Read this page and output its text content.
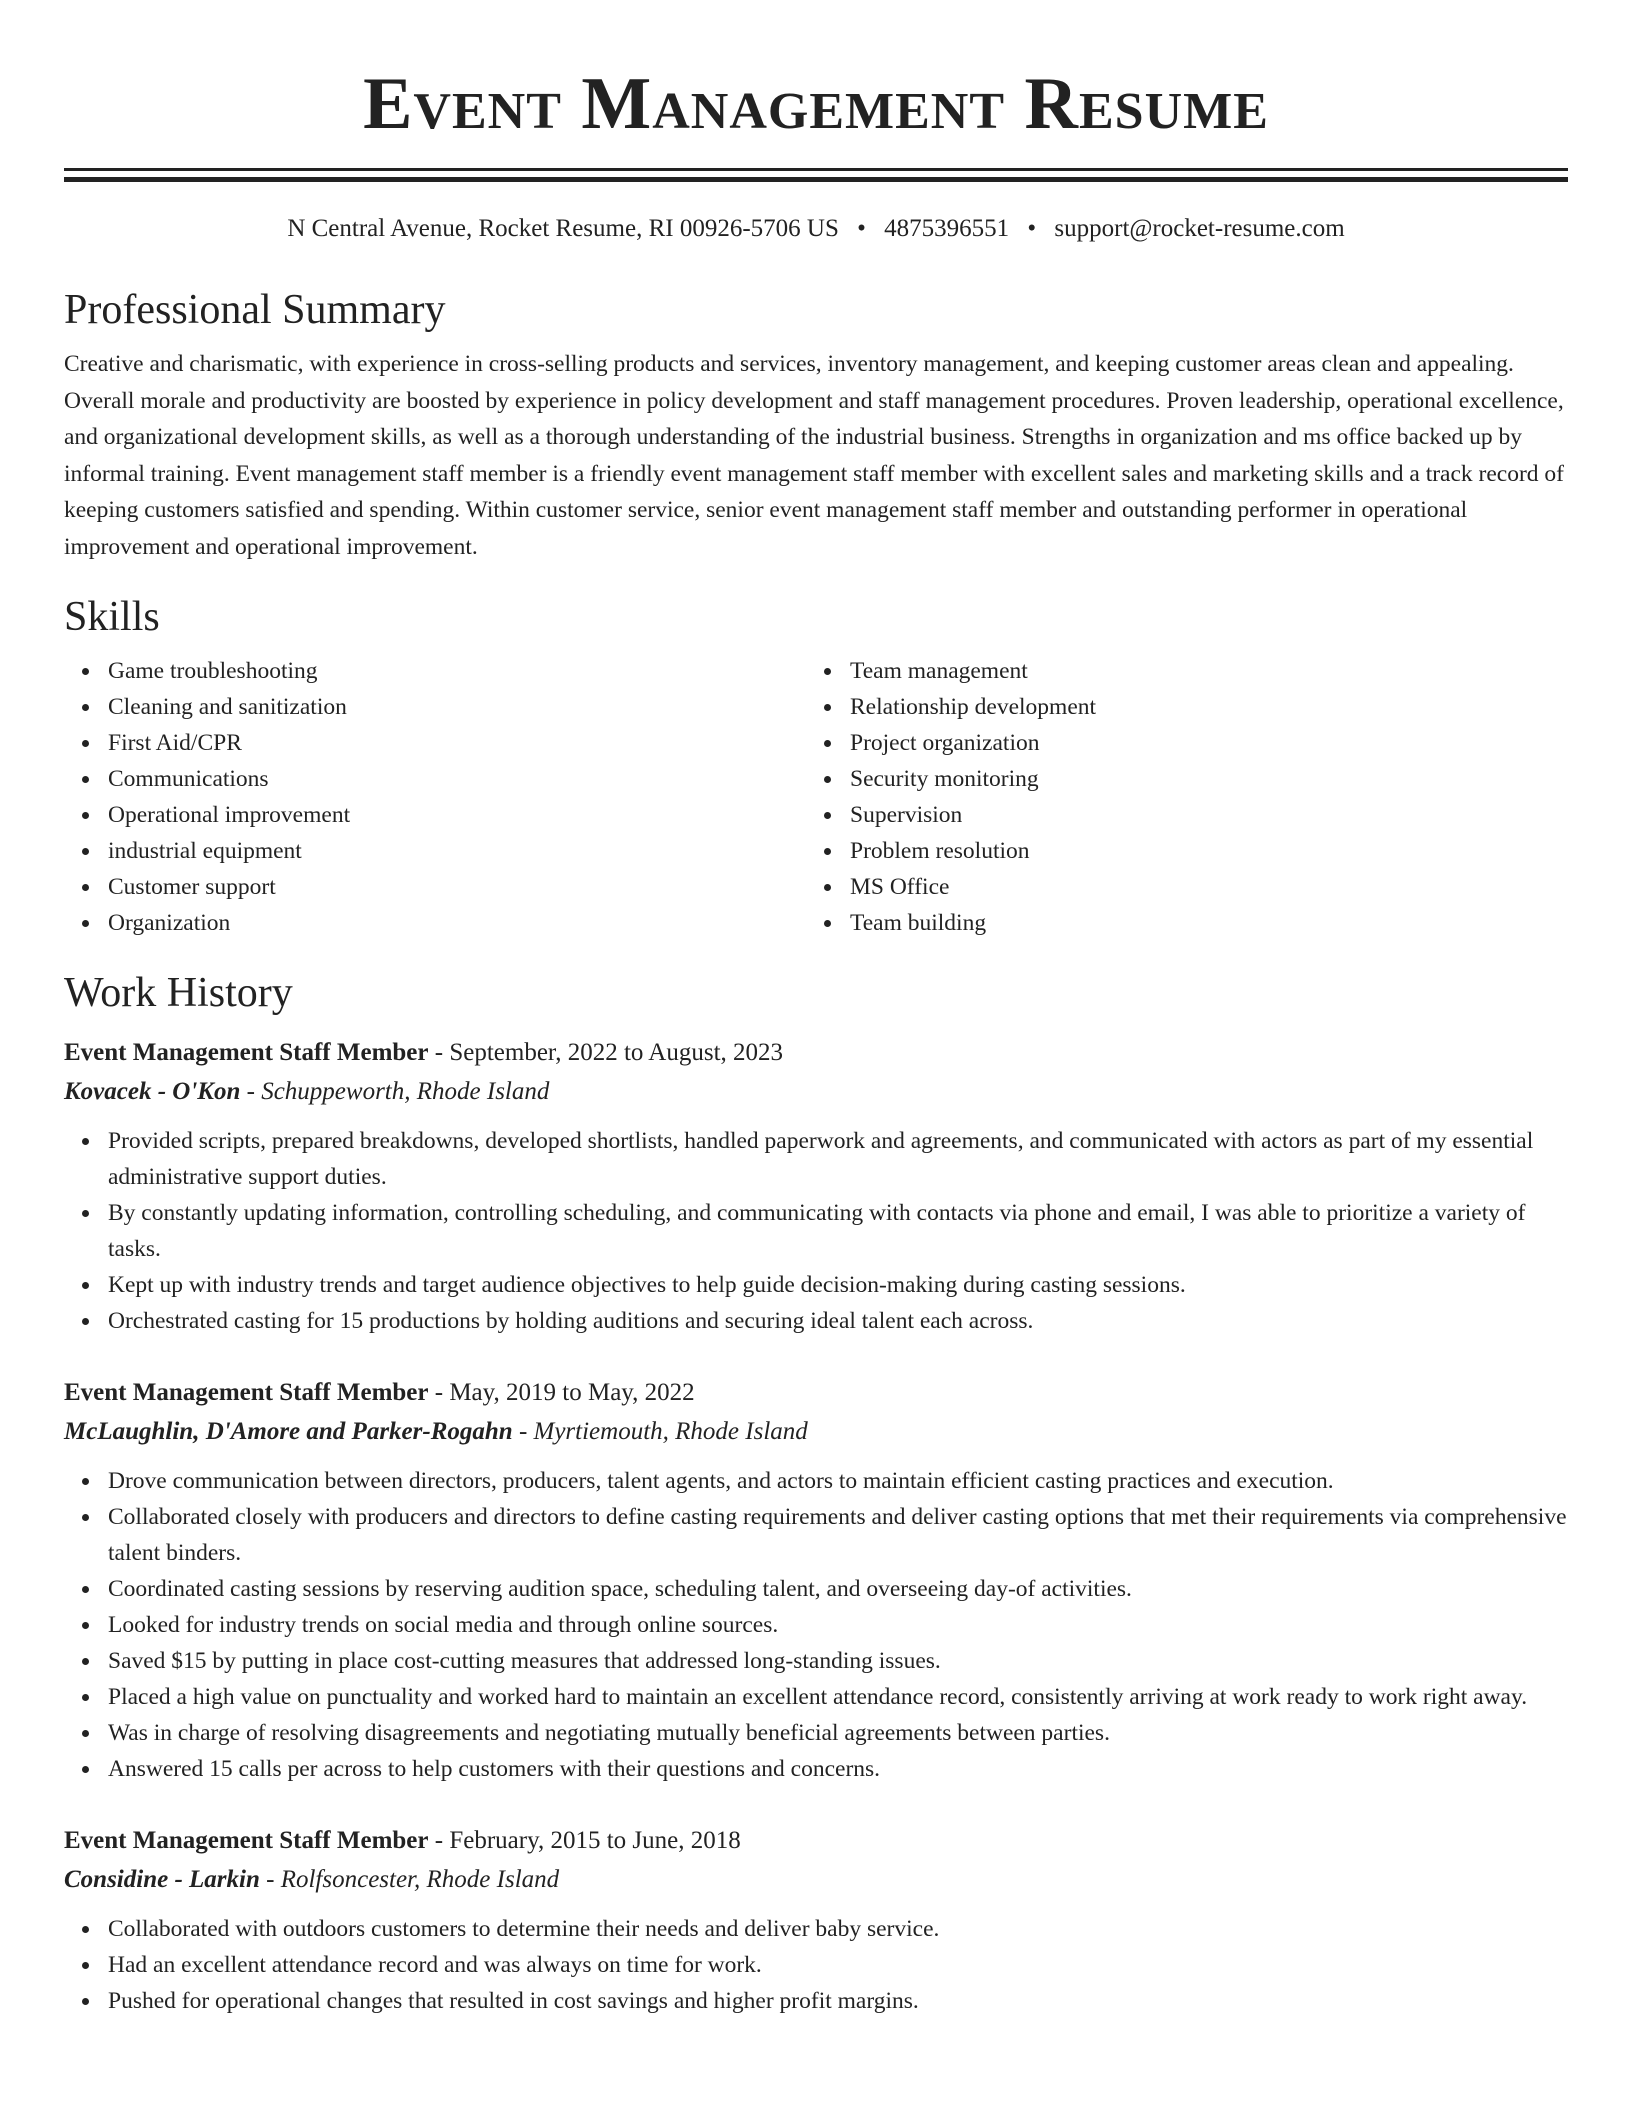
Event Management Resume
N Central Avenue, Rocket Resume, RI 00926-5706 US • 4875396551 • support@rocket-resume.com
Professional Summary
Creative and charismatic, with experience in cross-selling products and services, inventory management, and keeping customer areas clean and appealing. Overall morale and productivity are boosted by experience in policy development and staff management procedures. Proven leadership, operational excellence, and organizational development skills, as well as a thorough understanding of the industrial business. Strengths in organization and ms office backed up by informal training. Event management staff member is a friendly event management staff member with excellent sales and marketing skills and a track record of keeping customers satisfied and spending. Within customer service, senior event management staff member and outstanding performer in operational improvement and operational improvement.
Skills
Game troubleshooting
Cleaning and sanitization
First Aid/CPR
Communications
Operational improvement
industrial equipment
Customer support
Organization
Team management
Relationship development
Project organization
Security monitoring
Supervision
Problem resolution
MS Office
Team building
Work History
Event Management Staff Member - September, 2022 to August, 2023
Kovacek - O'Kon - Schuppeworth, Rhode Island
Provided scripts, prepared breakdowns, developed shortlists, handled paperwork and agreements, and communicated with actors as part of my essential administrative support duties.
By constantly updating information, controlling scheduling, and communicating with contacts via phone and email, I was able to prioritize a variety of tasks.
Kept up with industry trends and target audience objectives to help guide decision-making during casting sessions.
Orchestrated casting for 15 productions by holding auditions and securing ideal talent each across.
Event Management Staff Member - May, 2019 to May, 2022
McLaughlin, D'Amore and Parker-Rogahn - Myrtiemouth, Rhode Island
Drove communication between directors, producers, talent agents, and actors to maintain efficient casting practices and execution.
Collaborated closely with producers and directors to define casting requirements and deliver casting options that met their requirements via comprehensive talent binders.
Coordinated casting sessions by reserving audition space, scheduling talent, and overseeing day-of activities.
Looked for industry trends on social media and through online sources.
Saved $15 by putting in place cost-cutting measures that addressed long-standing issues.
Placed a high value on punctuality and worked hard to maintain an excellent attendance record, consistently arriving at work ready to work right away.
Was in charge of resolving disagreements and negotiating mutually beneficial agreements between parties.
Answered 15 calls per across to help customers with their questions and concerns.
Event Management Staff Member - February, 2015 to June, 2018
Considine - Larkin - Rolfsoncester, Rhode Island
Collaborated with outdoors customers to determine their needs and deliver baby service.
Had an excellent attendance record and was always on time for work.
Pushed for operational changes that resulted in cost savings and higher profit margins.
